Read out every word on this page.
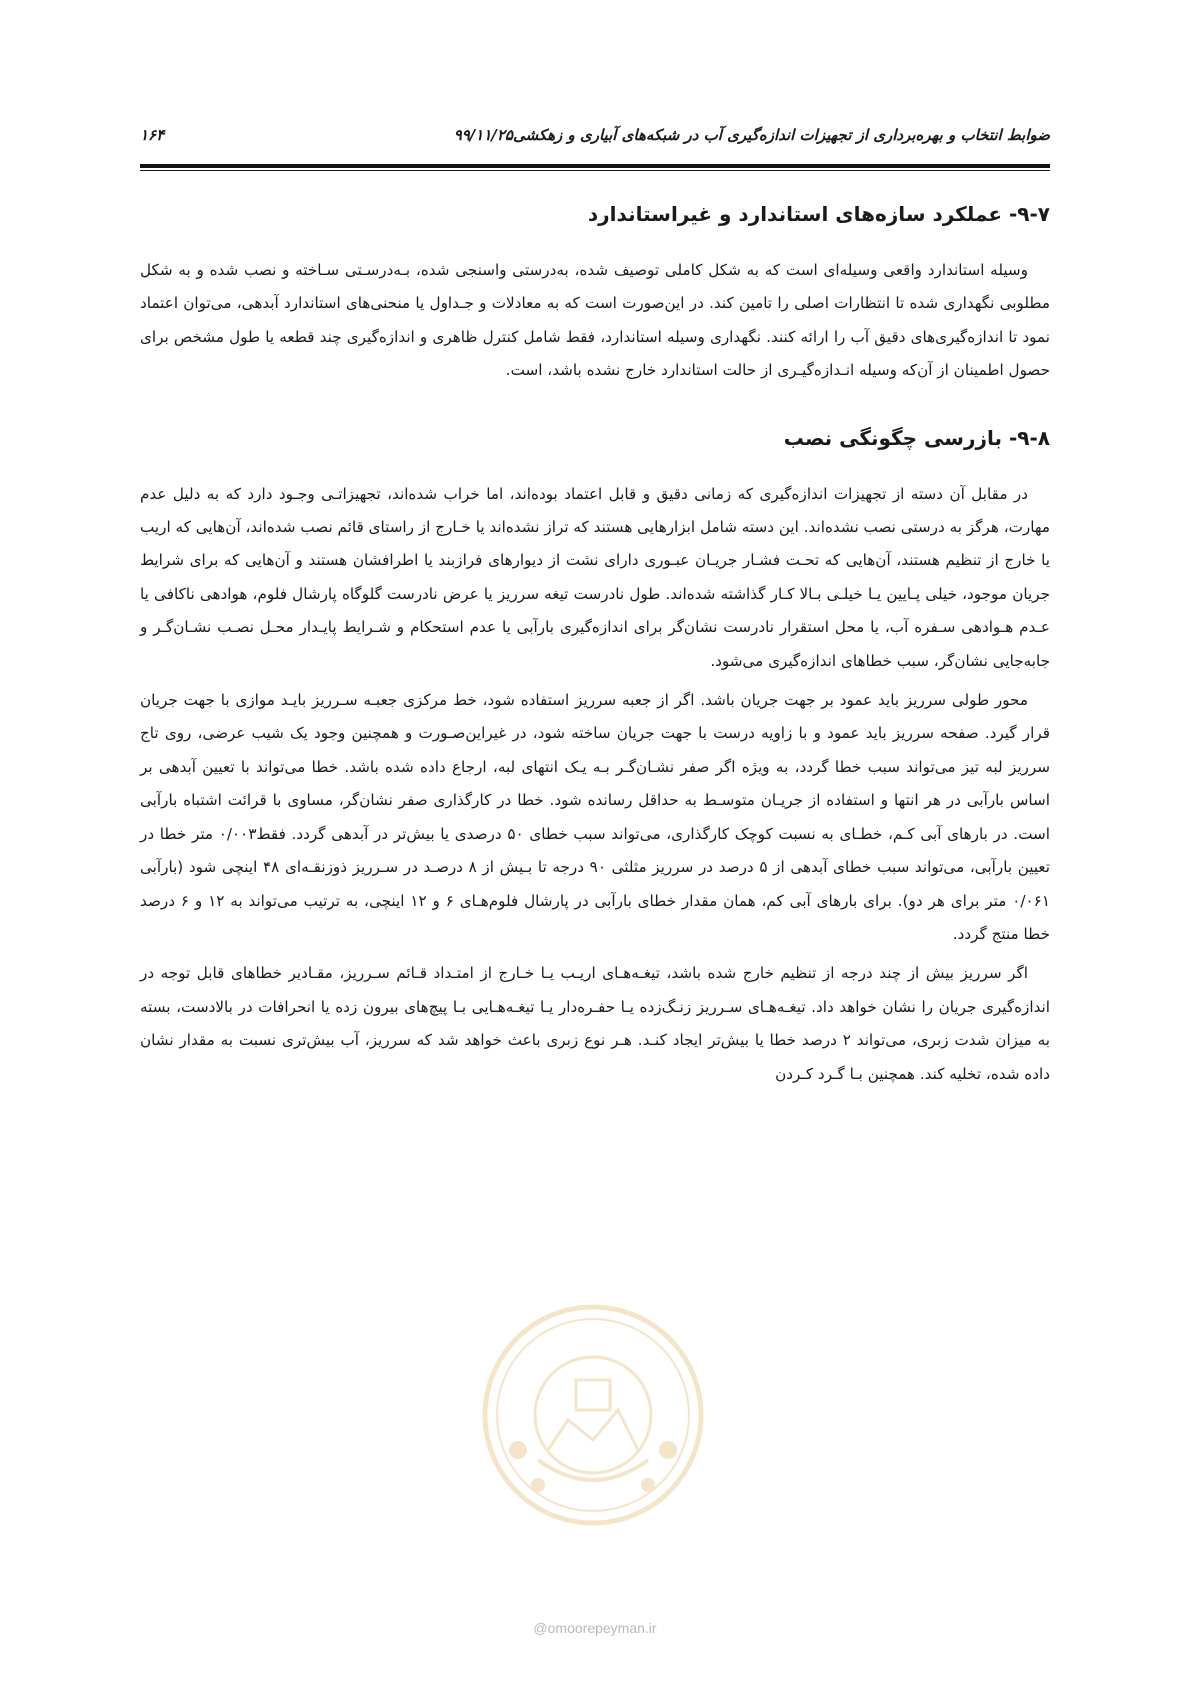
ضوابط انتخاب و بهره‌برداری از تجهیزات اندازه‌گیری آب در شبکه‌های آبیاری و زهکشی۹۹/۱۱/۲۵
۱۶۴
۹-۷- عملکرد سازه‌های استاندارد و غیراستاندارد

وسیله استاندارد واقعی وسیله‌ای است که به شکل کاملی توصیف شده، به‌درستی واسنجی شده، بـه‌درسـتی سـاخته و نصب شده و به شکل مطلوبی نگهداری شده تا انتظارات اصلی را تامین کند. در این‌صورت است که به معادلات و جـداول یا منحنی‌های استاندارد آبدهی، می‌توان اعتماد نمود تا اندازه‌گیری‌های دقیق آب را ارائه کنند. نگهداری وسیله استاندارد، فقط شامل کنترل ظاهری و اندازه‌گیری چند قطعه یا طول مشخص برای حصول اطمینان از آن‌که وسیله انـدازه‌گیـری از حالت استاندارد خارج نشده باشد، است.

۹-۸- بازرسی چگونگی نصب

در مقابل آن دسته از تجهیزات اندازه‌گیری که زمانی دقیق و قابل اعتماد بوده‌اند، اما خراب شده‌اند، تجهیزاتـی وجـود دارد که به دلیل عدم مهارت، هرگز به درستی نصب نشده‌اند. این دسته شامل ابزارهایی هستند که تراز نشده‌اند یا خـارج از راستای قائم نصب شده‌اند، آن‌هایی که اریب یا خارج از تنظیم هستند، آن‌هایی که تحـت فشـار جریـان عبـوری دارای نشت از دیوارهای فرازبند یا اطرافشان هستند و آن‌هایی که برای شرایط جریان موجود، خیلی پـایین یـا خیلـی بـالا کـار گذاشته شده‌اند. طول نادرست تیغه سرریز یا عرض نادرست گلوگاه پارشال فلوم، هوادهی ناکافی یا عـدم هـوادهی سـفره آب، یا محل استقرار نادرست نشان‌گر برای اندازه‌گیری بارآبی یا عدم استحکام و شـرایط پایـدار محـل نصـب نشـان‌گـر و جابه‌جایی نشان‌گر، سبب خطاهای اندازه‌گیری می‌شود.

محور طولی سرریز باید عمود بر جهت جریان باشد. اگر از جعبه سرریز استفاده شود، خط مرکزی جعبـه سـرریز بایـد موازی با جهت جریان قرار گیرد. صفحه سرریز باید عمود و با زاویه درست با جهت جریان ساخته شود، در غیراین‌صـورت و همچنین وجود یک شیب عرضی، روی تاج سرریز لبه تیز می‌تواند سبب خطا گردد، به ویژه اگر صفر نشـان‌گـر بـه یـک انتهای لبه، ارجاع داده شده باشد. خطا می‌تواند با تعیین آبدهی بر اساس بارآبی در هر انتها و استفاده از جریـان متوسـط به حداقل رسانده شود. خطا در کارگذاری صفر نشان‌گر، مساوی با قرائت اشتباه بارآبی است. در بارهای آبی کـم، خطـای به نسبت کوچک کارگذاری، می‌تواند سبب خطای ۵۰ درصدی یا بیش‌تر در آبدهی گردد. فقط۰/۰۰۳ متر خطا در تعیین بارآبی، می‌تواند سبب خطای آبدهی از ۵ درصد در سرریز مثلثی ۹۰ درجه تا بـیش از ۸ درصـد در سـرریز ذوزنقـه‌ای ۴۸ اینچی شود (بارآبی ۰/۰۶۱ متر برای هر دو). برای بارهای آبی کم، همان مقدار خطای بارآبی در پارشال فلوم‌هـای ۶ و ۱۲ اینچی، به ترتیب می‌تواند به ۱۲ و ۶ درصد خطا منتج گردد.

اگر سرریز بیش از چند درجه از تنظیم خارج شده باشد، تیغـه‌هـای اریـب یـا خـارج از امتـداد قـائم سـرریز، مقـادیر خطاهای قابل توجه در اندازه‌گیری جریان را نشان خواهد داد. تیغـه‌هـای سـرریز زنـگ‌زده یـا حفـره‌دار یـا تیغـه‌هـایی بـا پیچ‌های بیرون زده یا انحرافات در بالادست، بسته به میزان شدت زبری، می‌تواند ۲ درصد خطا یا بیش‌تر ایجاد کنـد. هـر نوع زبری باعث خواهد شد که سرریز، آب بیش‌تری نسبت به مقدار نشان داده شده، تخلیه کند. همچنین بـا گـرد کـردن

@omoorepeyman.ir
